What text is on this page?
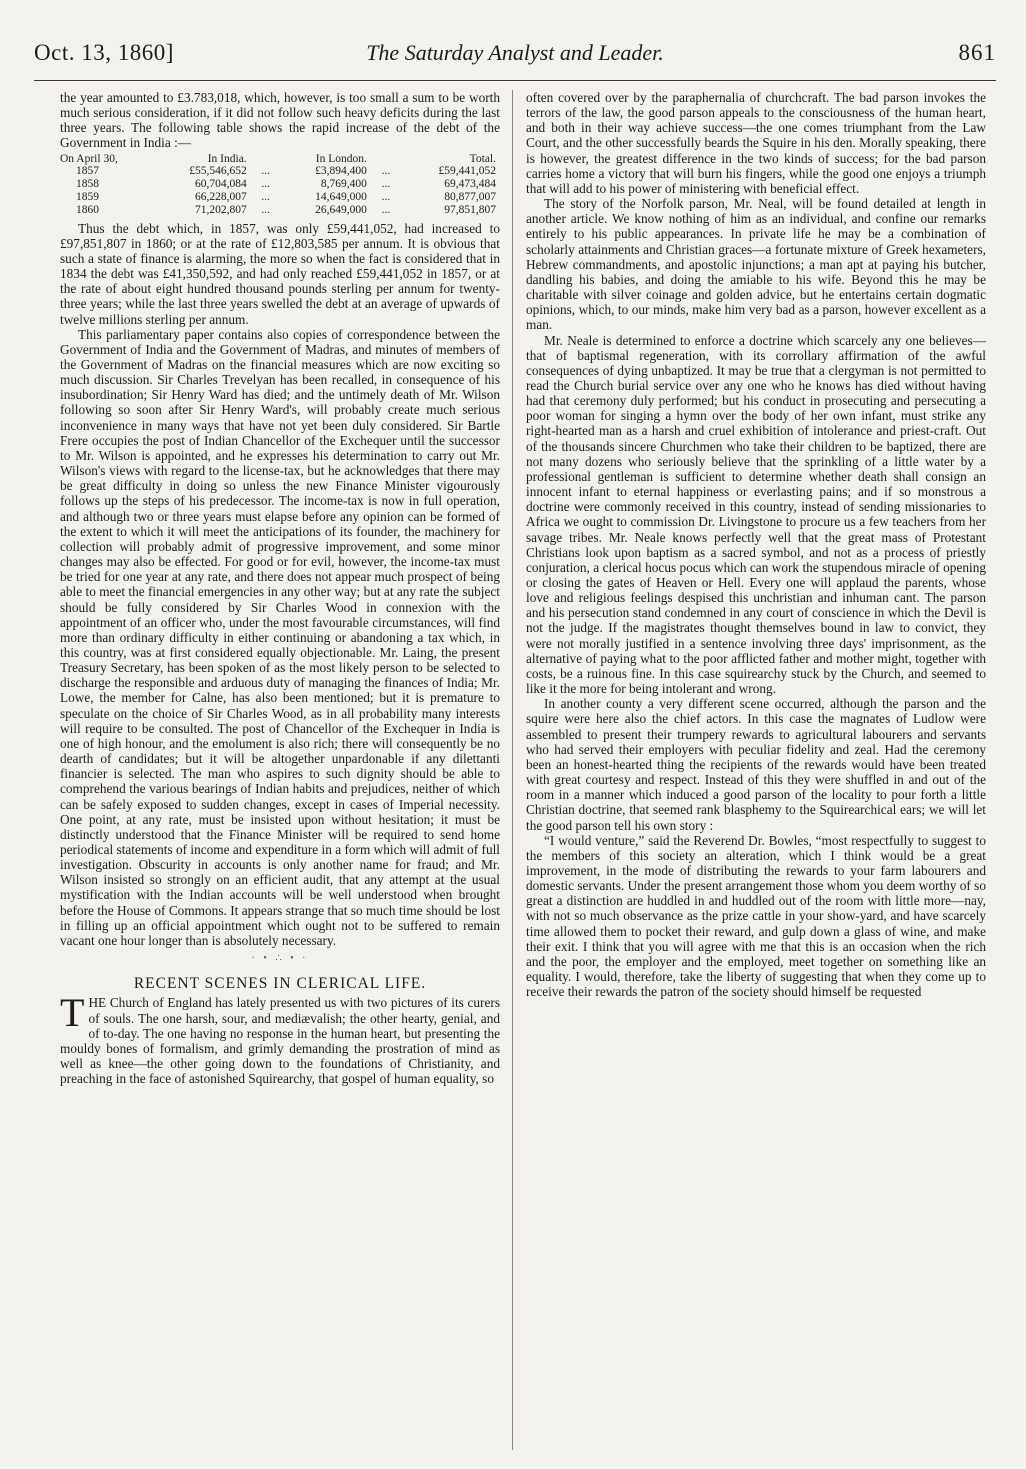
Oct. 13, 1860]	The Saturday Analyst and Leader.	861

the year amounted to £3.783,018, which, however, is too small a sum to be worth much serious consideration, if it did not follow such heavy deficits during the last three years. The following table shows the rapid increase of the debt of the Government in India :—

On April 30,	In India.		In London.		Total.
1857	£55,546,652	...	£3,894,400	...	£59,441,052
1858	60,704,084	...	8,769,400	...	69,473,484
1859	66,228,007	...	14,649,000	...	80,877,007
1860	71,202,807	...	26,649,000	...	97,851,807

Thus the debt which, in 1857, was only £59,441,052, had increased to £97,851,807 in 1860; or at the rate of £12,803,585 per annum. It is obvious that such a state of finance is alarming, the more so when the fact is considered that in 1834 the debt was £41,350,592, and had only reached £59,441,052 in 1857, or at the rate of about eight hundred thousand pounds sterling per annum for twenty-three years; while the last three years swelled the debt at an average of upwards of twelve millions sterling per annum.

This parliamentary paper contains also copies of correspondence between the Government of India and the Government of Madras, and minutes of members of the Government of Madras on the financial measures which are now exciting so much discussion. Sir Charles Trevelyan has been recalled, in consequence of his insubordination; Sir Henry Ward has died; and the untimely death of Mr. Wilson following so soon after Sir Henry Ward's, will probably create much serious inconvenience in many ways that have not yet been duly considered. Sir Bartle Frere occupies the post of Indian Chancellor of the Exchequer until the successor to Mr. Wilson is appointed, and he expresses his determination to carry out Mr. Wilson's views with regard to the license-tax, but he acknowledges that there may be great difficulty in doing so unless the new Finance Minister vigourously follows up the steps of his predecessor. The income-tax is now in full operation, and although two or three years must elapse before any opinion can be formed of the extent to which it will meet the anticipations of its founder, the machinery for collection will probably admit of progressive improvement, and some minor changes may also be effected. For good or for evil, however, the income-tax must be tried for one year at any rate, and there does not appear much prospect of being able to meet the financial emergencies in any other way; but at any rate the subject should be fully considered by Sir Charles Wood in connexion with the appointment of an officer who, under the most favourable circumstances, will find more than ordinary difficulty in either continuing or abandoning a tax which, in this country, was at first considered equally objectionable. Mr. Laing, the present Treasury Secretary, has been spoken of as the most likely person to be selected to discharge the responsible and arduous duty of managing the finances of India; Mr. Lowe, the member for Calne, has also been mentioned; but it is premature to speculate on the choice of Sir Charles Wood, as in all probability many interests will require to be consulted. The post of Chancellor of the Exchequer in India is one of high honour, and the emolument is also rich; there will consequently be no dearth of candidates; but it will be altogether unpardonable if any dilettanti financier is selected. The man who aspires to such dignity should be able to comprehend the various bearings of Indian habits and prejudices, neither of which can be safely exposed to sudden changes, except in cases of Imperial necessity. One point, at any rate, must be insisted upon without hesitation; it must be distinctly understood that the Finance Minister will be required to send home periodical statements of income and expenditure in a form which will admit of full investigation. Obscurity in accounts is only another name for fraud; and Mr. Wilson insisted so strongly on an efficient audit, that any attempt at the usual mystification with the Indian accounts will be well understood when brought before the House of Commons. It appears strange that so much time should be lost in filling up an official appointment which ought not to be suffered to remain vacant one hour longer than is absolutely necessary.

· • ∴ • ·
RECENT SCENES IN CLERICAL LIFE.

THE Church of England has lately presented us with two pictures of its curers of souls. The one harsh, sour, and mediævalish; the other hearty, genial, and of to-day. The one having no response in the human heart, but presenting the mouldy bones of formalism, and grimly demanding the prostration of mind as well as knee—the other going down to the foundations of Christianity, and preaching in the face of astonished Squirearchy, that gospel of human equality, so

often covered over by the paraphernalia of churchcraft. The bad parson invokes the terrors of the law, the good parson appeals to the consciousness of the human heart, and both in their way achieve success—the one comes triumphant from the Law Court, and the other successfully beards the Squire in his den. Morally speaking, there is however, the greatest difference in the two kinds of success; for the bad parson carries home a victory that will burn his fingers, while the good one enjoys a triumph that will add to his power of ministering with beneficial effect.

The story of the Norfolk parson, Mr. Neal, will be found detailed at length in another article. We know nothing of him as an individual, and confine our remarks entirely to his public appearances. In private life he may be a combination of scholarly attainments and Christian graces—a fortunate mixture of Greek hexameters, Hebrew commandments, and apostolic injunctions; a man apt at paying his butcher, dandling his babies, and doing the amiable to his wife. Beyond this he may be charitable with silver coinage and golden advice, but he entertains certain dogmatic opinions, which, to our minds, make him very bad as a parson, however excellent as a man.

Mr. Neale is determined to enforce a doctrine which scarcely any one believes—that of baptismal regeneration, with its corrollary affirmation of the awful consequences of dying unbaptized. It may be true that a clergyman is not permitted to read the Church burial service over any one who he knows has died without having had that ceremony duly performed; but his conduct in prosecuting and persecuting a poor woman for singing a hymn over the body of her own infant, must strike any right-hearted man as a harsh and cruel exhibition of intolerance and priest-craft. Out of the thousands sincere Churchmen who take their children to be baptized, there are not many dozens who seriously believe that the sprinkling of a little water by a professional gentleman is sufficient to determine whether death shall consign an innocent infant to eternal happiness or everlasting pains; and if so monstrous a doctrine were commonly received in this country, instead of sending missionaries to Africa we ought to commission Dr. Livingstone to procure us a few teachers from her savage tribes. Mr. Neale knows perfectly well that the great mass of Protestant Christians look upon baptism as a sacred symbol, and not as a process of priestly conjuration, a clerical hocus pocus which can work the stupendous miracle of opening or closing the gates of Heaven or Hell. Every one will applaud the parents, whose love and religious feelings despised this unchristian and inhuman cant. The parson and his persecution stand condemned in any court of conscience in which the Devil is not the judge. If the magistrates thought themselves bound in law to convict, they were not morally justified in a sentence involving three days' imprisonment, as the alternative of paying what to the poor afflicted father and mother might, together with costs, be a ruinous fine. In this case squirearchy stuck by the Church, and seemed to like it the more for being intolerant and wrong.

In another county a very different scene occurred, although the parson and the squire were here also the chief actors. In this case the magnates of Ludlow were assembled to present their trumpery rewards to agricultural labourers and servants who had served their employers with peculiar fidelity and zeal. Had the ceremony been an honest-hearted thing the recipients of the rewards would have been treated with great courtesy and respect. Instead of this they were shuffled in and out of the room in a manner which induced a good parson of the locality to pour forth a little Christian doctrine, that seemed rank blasphemy to the Squirearchical ears; we will let the good parson tell his own story :

“I would venture,” said the Reverend Dr. Bowles, “most respectfully to suggest to the members of this society an alteration, which I think would be a great improvement, in the mode of distributing the rewards to your farm labourers and domestic servants. Under the present arrangement those whom you deem worthy of so great a distinction are huddled in and huddled out of the room with little more—nay, with not so much observance as the prize cattle in your show-yard, and have scarcely time allowed them to pocket their reward, and gulp down a glass of wine, and make their exit. I think that you will agree with me that this is an occasion when the rich and the poor, the employer and the employed, meet together on something like an equality. I would, therefore, take the liberty of suggesting that when they come up to receive their rewards the patron of the society should himself be requested
